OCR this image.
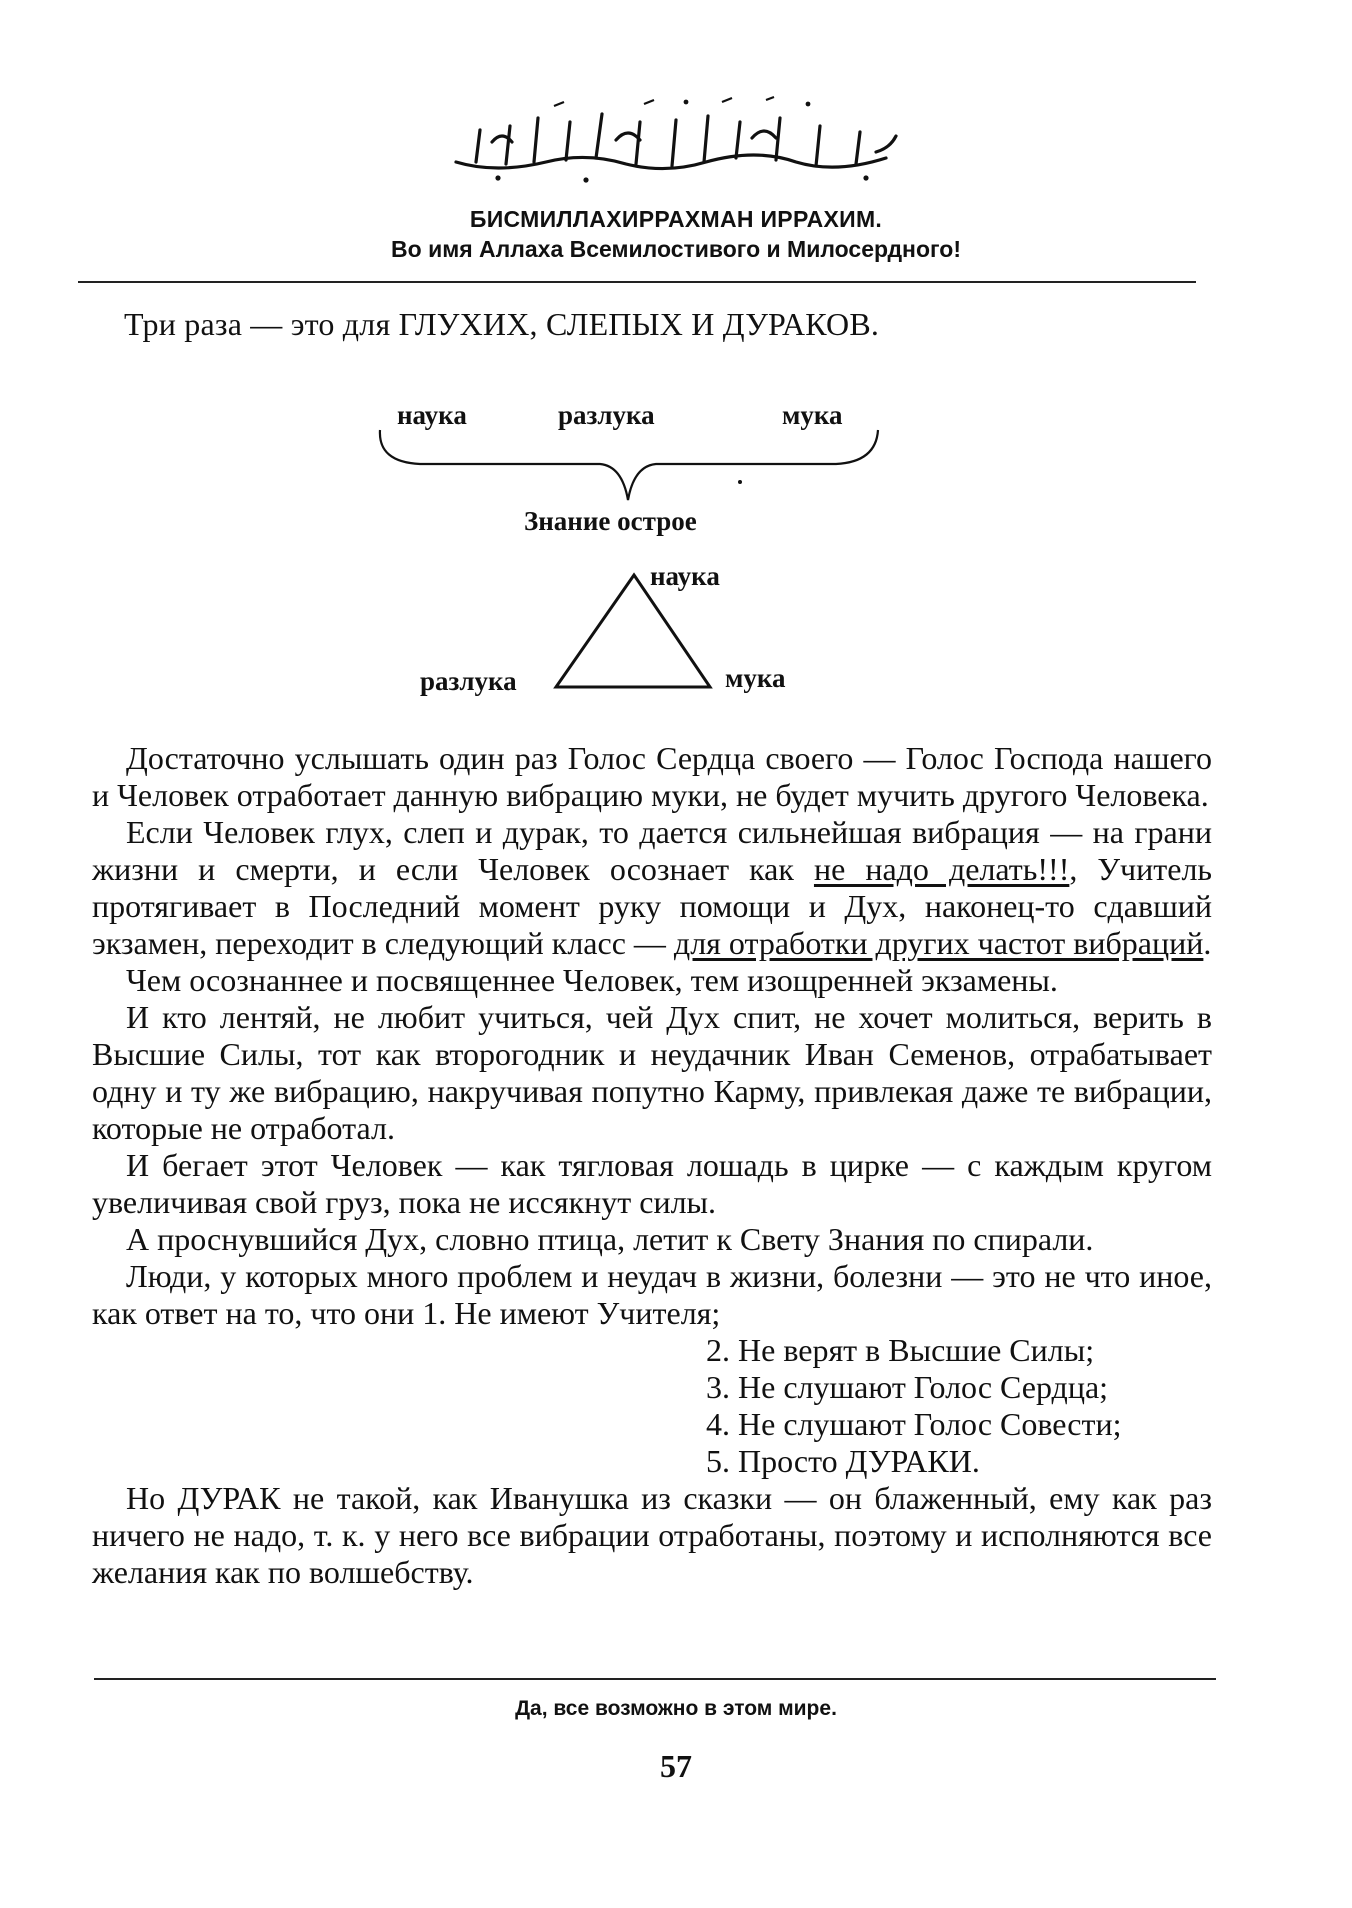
БИСМИЛЛАХИРРАХМАН ИРРАХИМ.
Во имя Аллаха Всемилостивого и Милосердного!
Три раза — это для ГЛУХИХ, СЛЕПЫХ И ДУРАКОВ.
наука	разлука	мука
Знание острое
наука
разлука	мука

Достаточно услышать один раз Голос Сердца своего — Голос Господа нашего и Человек отработает данную вибрацию муки, не будет мучить другого Человека.

Если Человек глух, слеп и дурак, то дается сильнейшая вибрация — на грани жизни и смерти, и если Человек осознает как не надо делать!!!, Учитель протягивает в Последний момент руку помощи и Дух, наконец-то сдавший экзамен, переходит в следующий класс — для отработки других частот вибраций.

Чем осознаннее и посвященнее Человек, тем изощренней экзамены.

И кто лентяй, не любит учиться, чей Дух спит, не хочет молиться, верить в Высшие Силы, тот как второгодник и неудачник Иван Семенов, отрабатывает одну и ту же вибрацию, накручивая попутно Карму, привлекая даже те вибрации, которые не отработал.

И бегает этот Человек — как тягловая лошадь в цирке — с каждым кругом увеличивая свой груз, пока не иссякнут силы.

А проснувшийся Дух, словно птица, летит к Свету Знания по спирали.

Люди, у которых много проблем и неудач в жизни, болезни — это не что иное, как ответ на то, что они 1. Не имеют Учителя;

2. Не верят в Высшие Силы;
3. Не слушают Голос Сердца;
4. Не слушают Голос Совести;
5. Просто ДУРАКИ.

Но ДУРАК не такой, как Иванушка из сказки — он блаженный, ему как раз ничего не надо, т. к. у него все вибрации отработаны, поэтому и исполняются все желания как по волшебству.

Да, все возможно в этом мире.
57
